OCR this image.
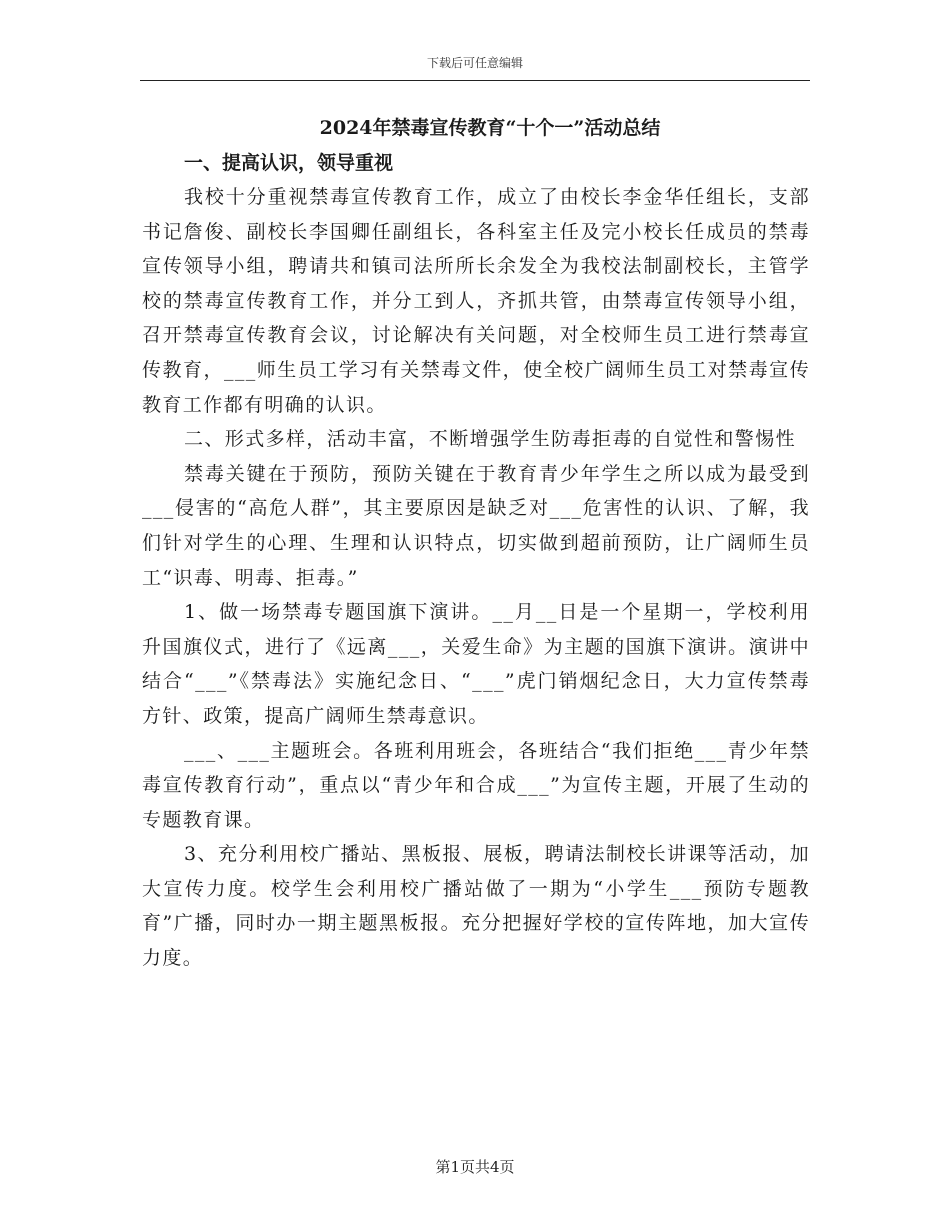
下载后可任意编辑
2024年禁毒宣传教育“十个一”活动总结
一、提高认识，领导重视

我校十分重视禁毒宣传教育工作，成立了由校长李金华任组长，支部书记詹俊、副校长李国卿任副组长，各科室主任及完小校长任成员的禁毒宣传领导小组，聘请共和镇司法所所长余发全为我校法制副校长，主管学校的禁毒宣传教育工作，并分工到人，齐抓共管，由禁毒宣传领导小组，召开禁毒宣传教育会议，讨论解决有关问题，对全校师生员工进行禁毒宣传教育，___师生员工学习有关禁毒文件，使全校广阔师生员工对禁毒宣传教育工作都有明确的认识。

二、形式多样，活动丰富，不断增强学生防毒拒毒的自觉性和警惕性

禁毒关键在于预防，预防关键在于教育青少年学生之所以成为最受到___侵害的“高危人群”，其主要原因是缺乏对___危害性的认识、了解，我们针对学生的心理、生理和认识特点，切实做到超前预防，让广阔师生员工“识毒、明毒、拒毒。”

1、做一场禁毒专题国旗下演讲。__月__日是一个星期一，学校利用升国旗仪式，进行了《远离___，关爱生命》为主题的国旗下演讲。演讲中结合“___”《禁毒法》实施纪念日、“___”虎门销烟纪念日，大力宣传禁毒方针、政策，提高广阔师生禁毒意识。

___、___主题班会。各班利用班会，各班结合“我们拒绝___青少年禁毒宣传教育行动”，重点以“青少年和合成___”为宣传主题，开展了生动的专题教育课。

3、充分利用校广播站、黑板报、展板，聘请法制校长讲课等活动，加大宣传力度。校学生会利用校广播站做了一期为“小学生___预防专题教育”广播，同时办一期主题黑板报。充分把握好学校的宣传阵地，加大宣传力度。

第1页共4页
